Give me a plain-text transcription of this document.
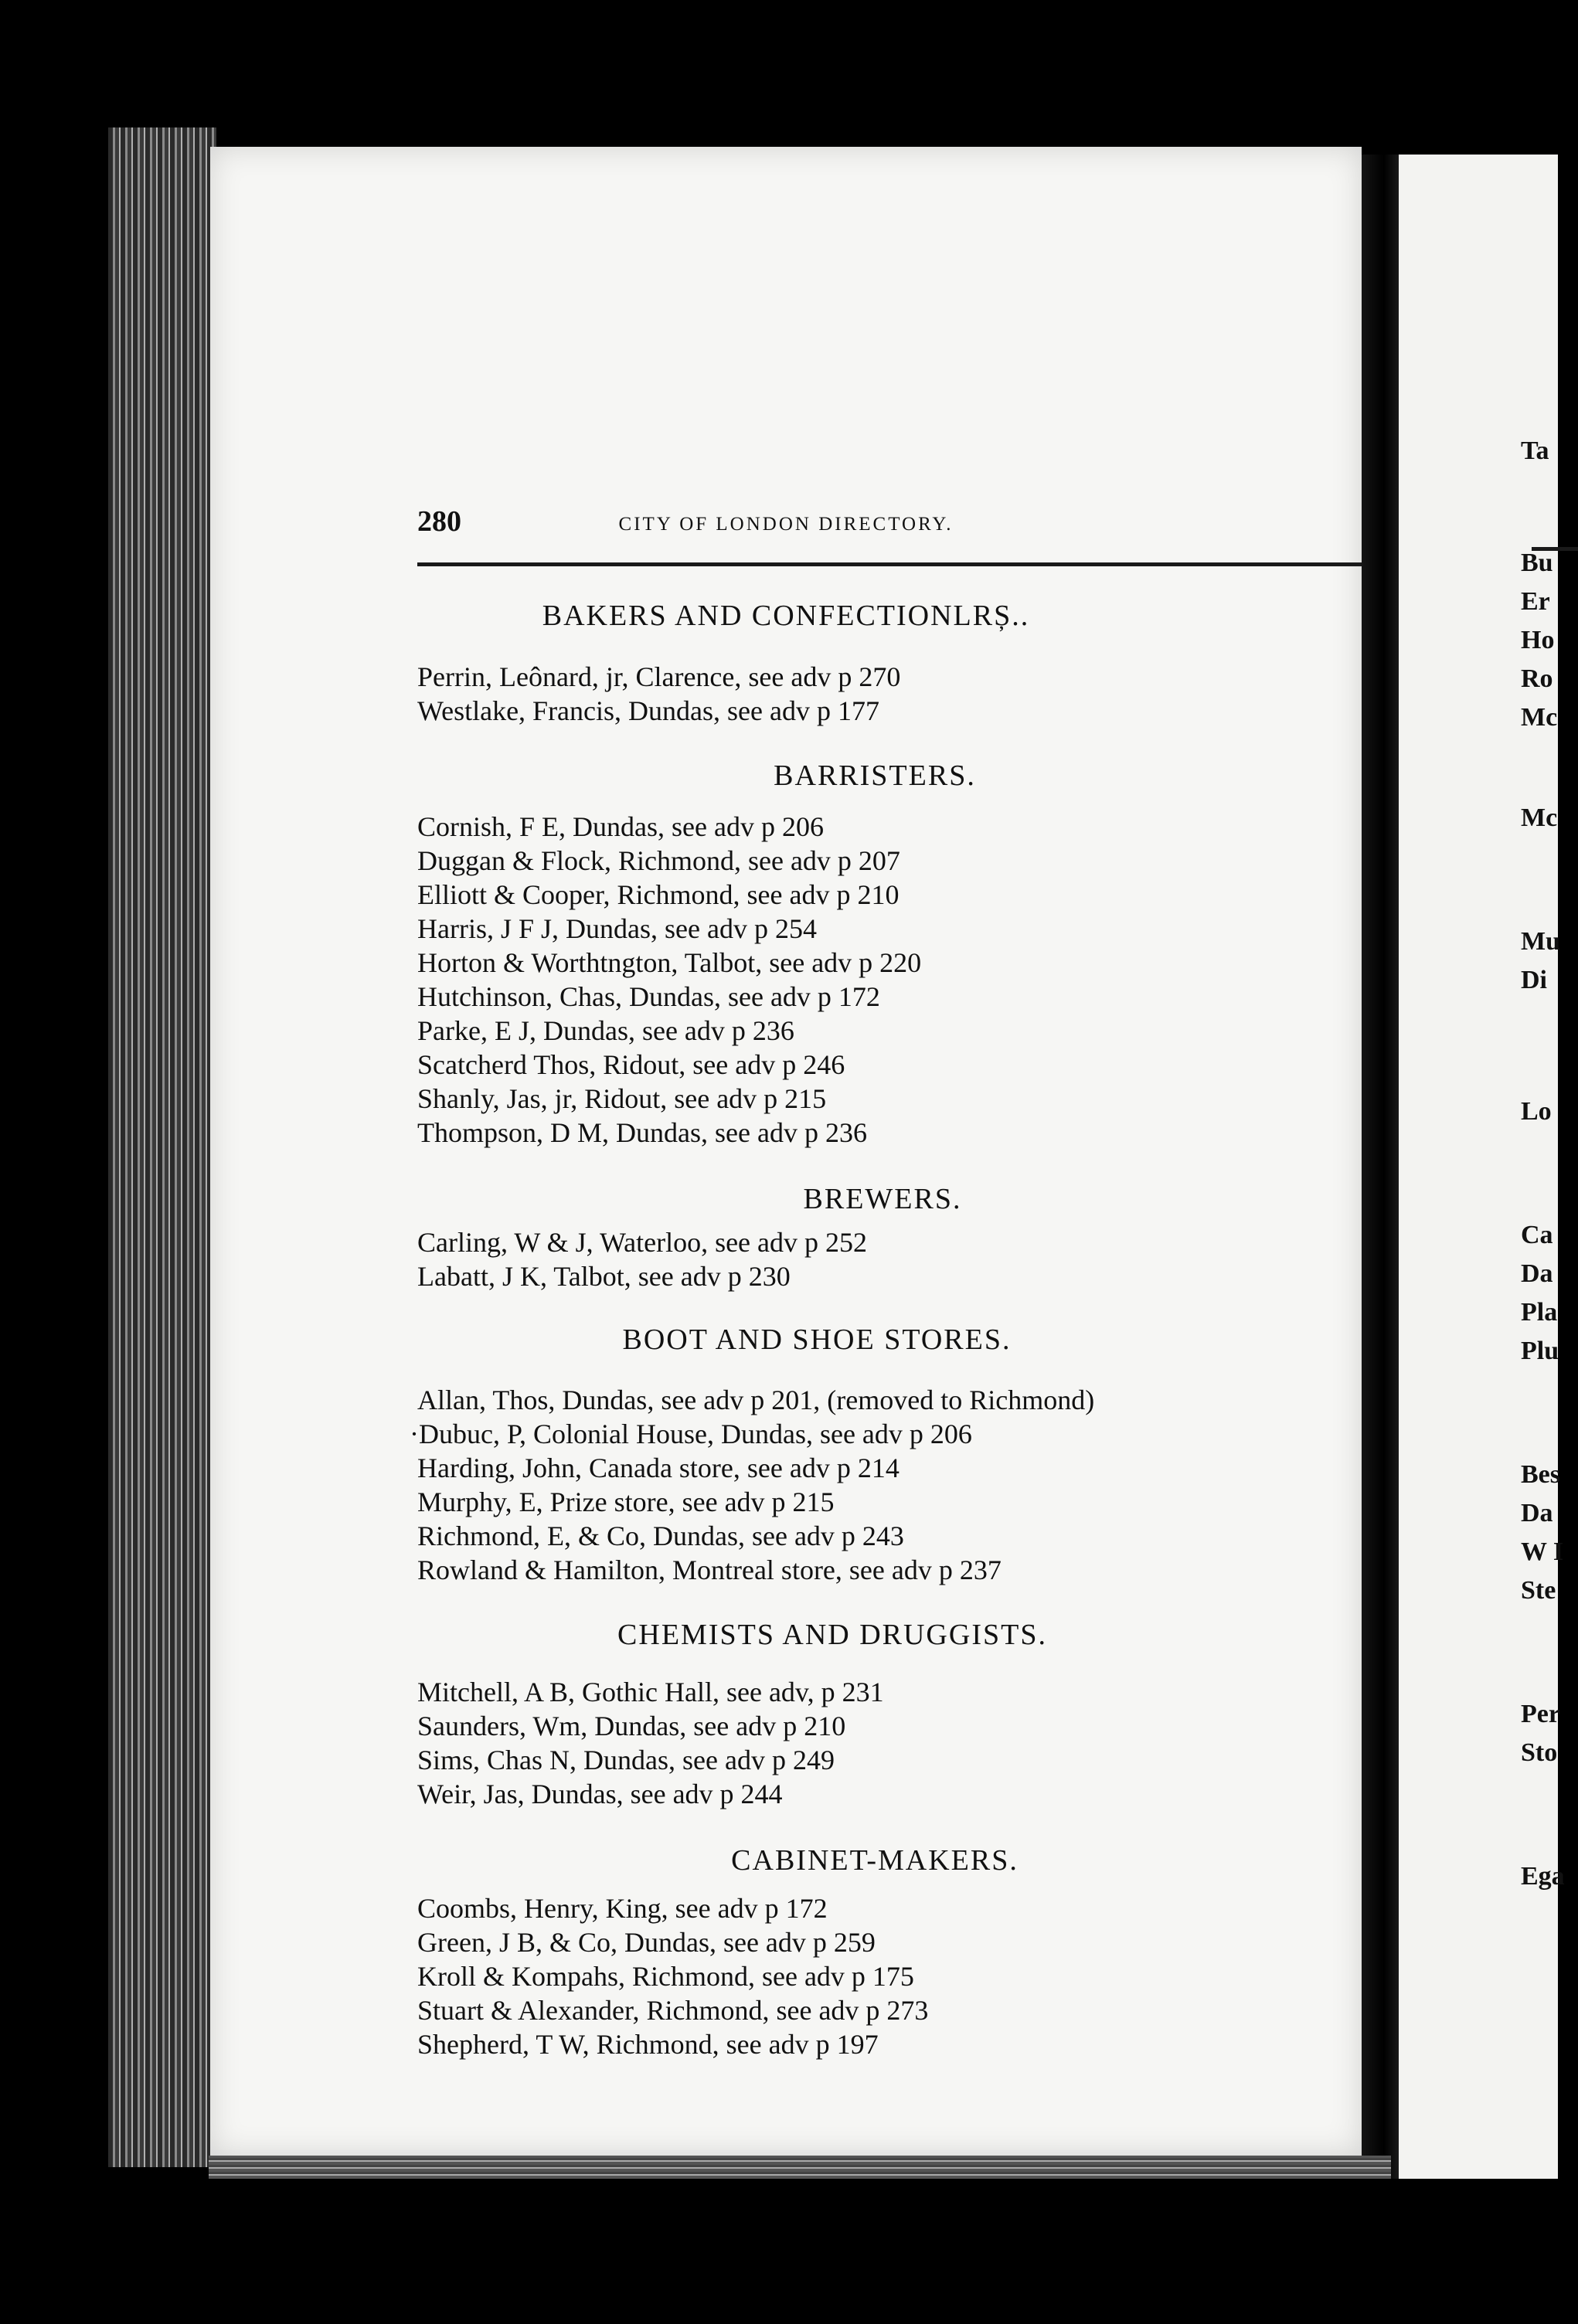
280	CITY OF LONDON DIRECTORY.
BAKERS AND CONFECTIONLRȘ..
Perrin, Leônard, jr, Clarence, see adv p 270
Westlake, Francis, Dundas, see adv p 177
BARRISTERS.
Cornish, F E, Dundas, see adv p 206
Duggan & Flock, Richmond, see adv p 207
Elliott & Cooper, Richmond, see adv p 210
Harris, J F J, Dundas, see adv p 254
Horton & Worthtngton, Talbot, see adv p 220
Hutchinson, Chas, Dundas, see adv p 172
Parke, E J, Dundas, see adv p 236
Scatcherd Thos, Ridout, see adv p 246
Shanly, Jas, jr, Ridout, see adv p 215
Thompson, D M, Dundas, see adv p 236
BREWERS.
Carling, W & J, Waterloo, see adv p 252
Labatt, J K, Talbot, see adv p 230
BOOT AND SHOE STORES.
Allan, Thos, Dundas, see adv p 201, (removed to Richmond)
·Dubuc, P, Colonial House, Dundas, see adv p 206
Harding, John, Canada store, see adv p 214
Murphy, E, Prize store, see adv p 215
Richmond, E, & Co, Dundas, see adv p 243
Rowland & Hamilton, Montreal store, see adv p 237
CHEMISTS AND DRUGGISTS.
Mitchell, A B, Gothic Hall, see adv, p 231
Saunders, Wm, Dundas, see adv p 210
Sims, Chas N, Dundas, see adv p 249
Weir, Jas, Dundas, see adv p 244
CABINET-MAKERS.
Coombs, Henry, King, see adv p 172
Green, J B, & Co, Dundas, see adv p 259
Kroll & Kompahs, Richmond, see adv p 175
Stuart & Alexander, Richmond, see adv p 273
Shepherd, T W, Richmond, see adv p 197
Ta
Bu
Er
Ho
Ro
Mc
Mc
Mu
Di
Lo
Ca
Da
Pla
Plu
Bes
Da
W I
Ste
Per
Sto
Ega
